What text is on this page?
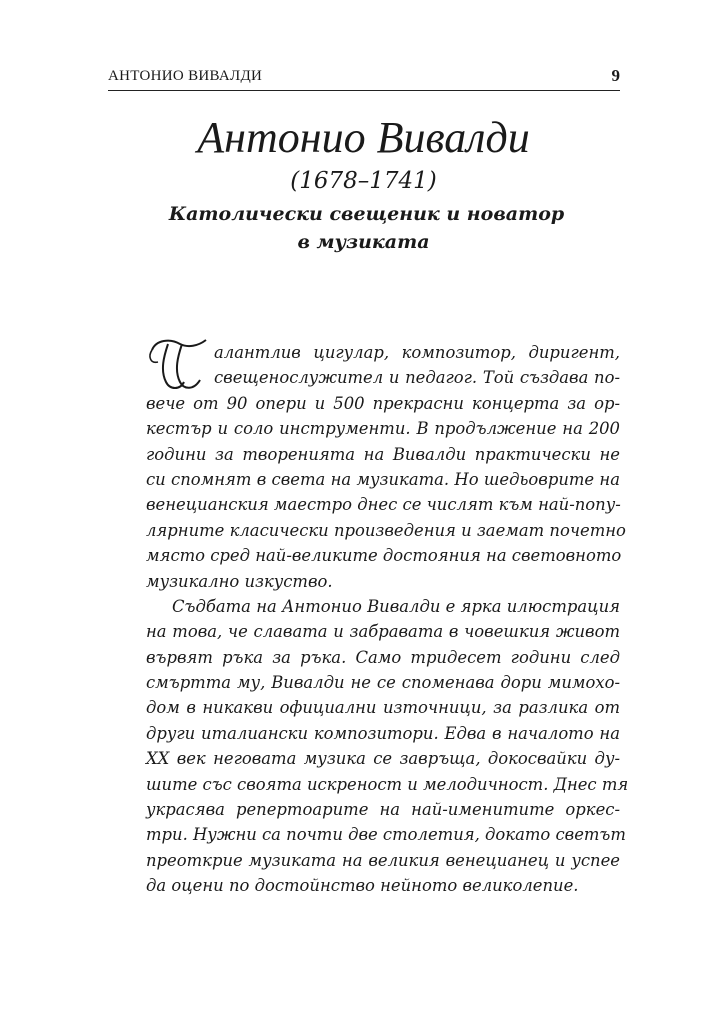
АНТОНИО ВИВАЛДИ	9
Антонио Вивалди
(1678–1741)
Католически свещеник и новатор
в музиката
алантлив цигулар, композитор, диригент,
свещенослужител и педагог. Той създава по-
вече от 90 опери и 500 прекрасни концерта за ор-
кестър и соло инструменти. В продължение на 200
години за творенията на Вивалди практически не
си спомнят в света на музиката. Но шедьоврите на
венецианския маестро днес се числят към най-попу-
лярните класически произведения и заемат почетно
място сред най-великите достояния на световното
музикално изкуство.
Съдбата на Антонио Вивалди е ярка илюстрация
на това, че славата и забравата в човешкия живот
вървят ръка за ръка. Само тридесет години след
смъртта му, Вивалди не се споменава дори мимохо-
дом в никакви официални източници, за разлика от
други италиански композитори. Едва в началото на
XX век неговата музика се завръща, докосвайки ду-
шите със своята искреност и мелодичност. Днес тя
украсява репертоарите на най-именитите оркес-
три. Нужни са почти две столетия, докато светът
преоткрие музиката на великия венецианец и успее
да оцени по достойнство нейното великолепие.
